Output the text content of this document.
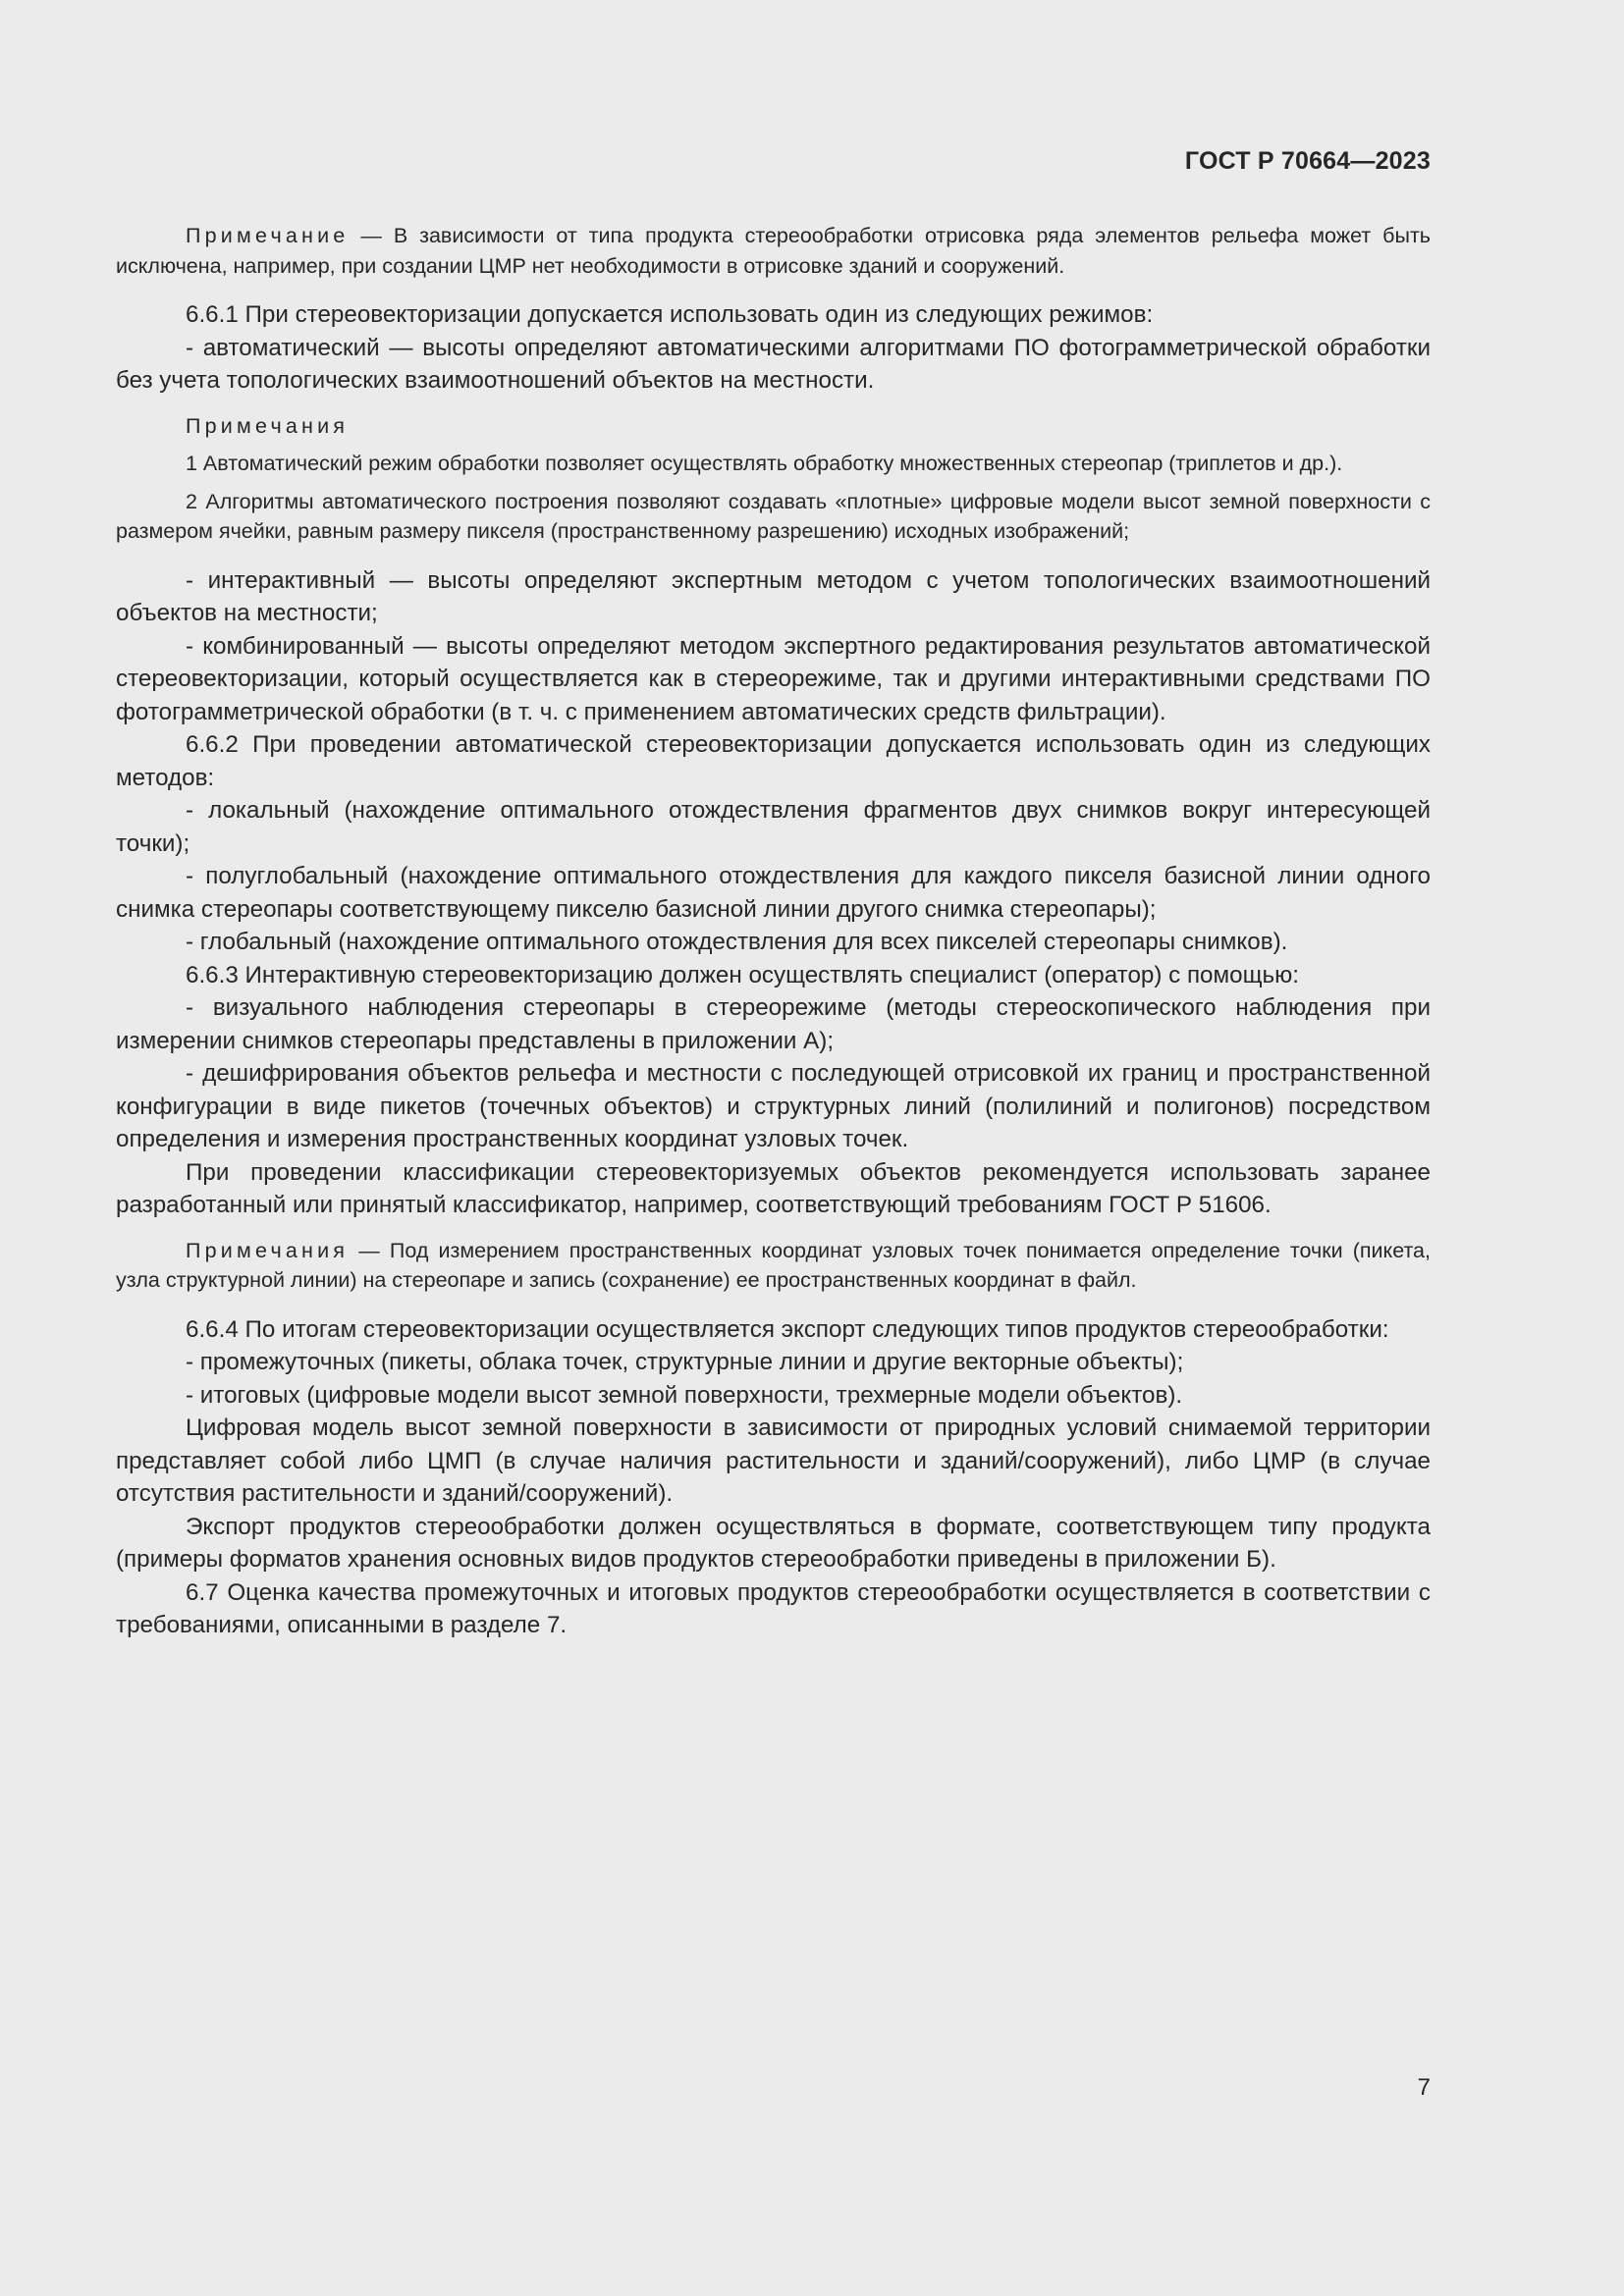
ГОСТ Р 70664—2023

Примечание — В зависимости от типа продукта стереообработки отрисовка ряда элементов рельефа может быть исключена, например, при создании ЦМР нет необходимости в отрисовке зданий и сооружений.

6.6.1 При стереовекторизации допускается использовать один из следующих режимов:

- автоматический — высоты определяют автоматическими алгоритмами ПО фотограмметрической обработки без учета топологических взаимоотношений объектов на местности.

Примечания

1 Автоматический режим обработки позволяет осуществлять обработку множественных стереопар (триплетов и др.).

2 Алгоритмы автоматического построения позволяют создавать «плотные» цифровые модели высот земной поверхности с размером ячейки, равным размеру пикселя (пространственному разрешению) исходных изображений;

- интерактивный — высоты определяют экспертным методом с учетом топологических взаимоотношений объектов на местности;

- комбинированный — высоты определяют методом экспертного редактирования результатов автоматической стереовекторизации, который осуществляется как в стереорежиме, так и другими интерактивными средствами ПО фотограмметрической обработки (в т. ч. с применением автоматических средств фильтрации).

6.6.2 При проведении автоматической стереовекторизации допускается использовать один из следующих методов:

- локальный (нахождение оптимального отождествления фрагментов двух снимков вокруг интересующей точки);

- полуглобальный (нахождение оптимального отождествления для каждого пикселя базисной линии одного снимка стереопары соответствующему пикселю базисной линии другого снимка стереопары);

- глобальный (нахождение оптимального отождествления для всех пикселей стереопары снимков).

6.6.3 Интерактивную стереовекторизацию должен осуществлять специалист (оператор) с помощью:

- визуального наблюдения стереопары в стереорежиме (методы стереоскопического наблюдения при измерении снимков стереопары представлены в приложении А);

- дешифрирования объектов рельефа и местности с последующей отрисовкой их границ и пространственной конфигурации в виде пикетов (точечных объектов) и структурных линий (полилиний и полигонов) посредством определения и измерения пространственных координат узловых точек.

При проведении классификации стереовекторизуемых объектов рекомендуется использовать заранее разработанный или принятый классификатор, например, соответствующий требованиям ГОСТ Р 51606.

Примечания — Под измерением пространственных координат узловых точек понимается определение точки (пикета, узла структурной линии) на стереопаре и запись (сохранение) ее пространственных координат в файл.

6.6.4 По итогам стереовекторизации осуществляется экспорт следующих типов продуктов стереообработки:

- промежуточных (пикеты, облака точек, структурные линии и другие векторные объекты);

- итоговых (цифровые модели высот земной поверхности, трехмерные модели объектов).

Цифровая модель высот земной поверхности в зависимости от природных условий снимаемой территории представляет собой либо ЦМП (в случае наличия растительности и зданий/сооружений), либо ЦМР (в случае отсутствия растительности и зданий/сооружений).

Экспорт продуктов стереообработки должен осуществляться в формате, соответствующем типу продукта (примеры форматов хранения основных видов продуктов стереообработки приведены в приложении Б).

6.7 Оценка качества промежуточных и итоговых продуктов стереообработки осуществляется в соответствии с требованиями, описанными в разделе 7.

7
